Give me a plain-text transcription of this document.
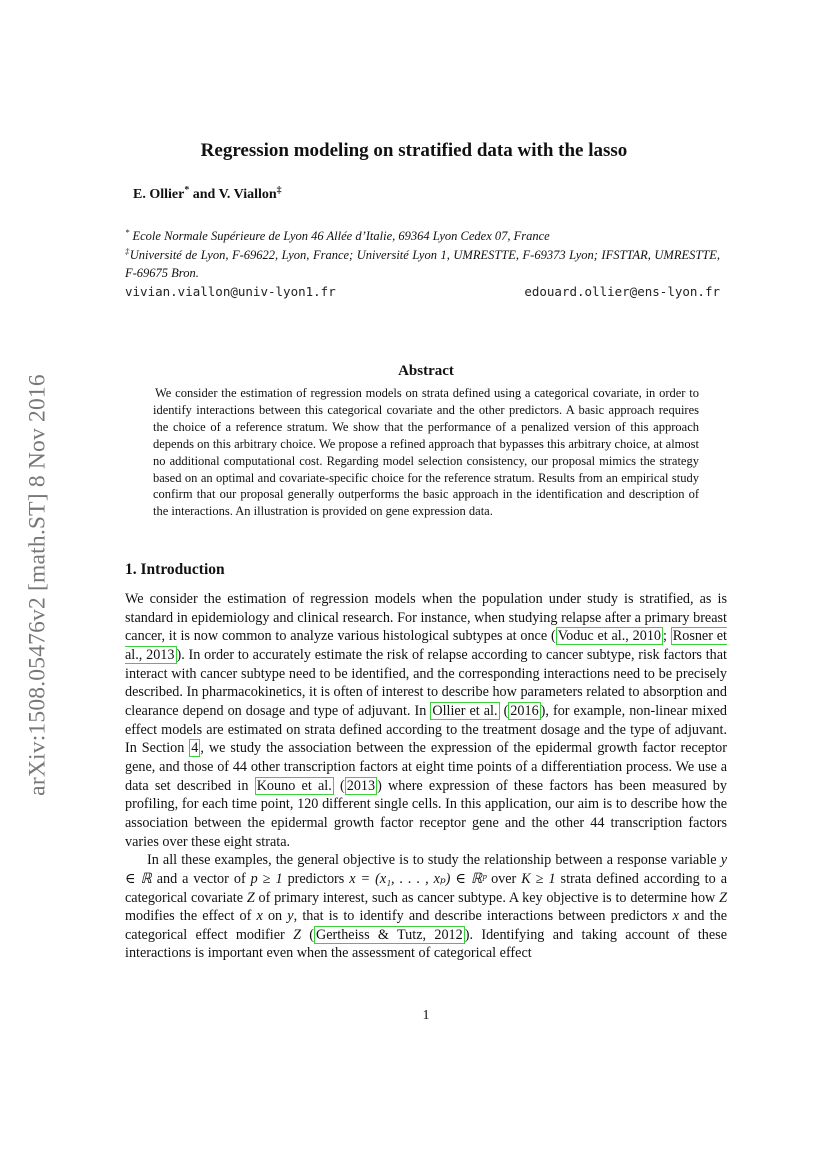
arXiv:1508.05476v2 [math.ST] 8 Nov 2016
Regression modeling on stratified data with the lasso
E. Ollier* and V. Viallon‡
* Ecole Normale Supérieure de Lyon 46 Allée d’Italie, 69364 Lyon Cedex 07, France
‡Université de Lyon, F-69622, Lyon, France; Université Lyon 1, UMRESTTE, F-69373 Lyon; IFSTTAR, UMRESTTE, F-69675 Bron.
vivian.viallon@univ-lyon1.fr	edouard.ollier@ens-lyon.fr
Abstract

We consider the estimation of regression models on strata defined using a categorical covariate, in order to identify interactions between this categorical covariate and the other predictors. A basic approach requires the choice of a reference stratum. We show that the performance of a penalized version of this approach depends on this arbitrary choice. We propose a refined approach that bypasses this arbitrary choice, at almost no additional computational cost. Regarding model selection consistency, our proposal mimics the strategy based on an optimal and covariate-specific choice for the reference stratum. Results from an empirical study confirm that our proposal generally outperforms the basic approach in the identification and description of the interactions. An illustration is provided on gene expression data.

1. Introduction

We consider the estimation of regression models when the population under study is stratified, as is standard in epidemiology and clinical research. For instance, when studying relapse after a primary breast cancer, it is now common to analyze various histological subtypes at once ( Voduc et al., 2010 ; Rosner et al., 2013 ). In order to accurately estimate the risk of relapse according to cancer subtype, risk factors that interact with cancer subtype need to be identified, and the corresponding interactions need to be precisely described. In pharmacokinetics, it is often of interest to describe how parameters related to absorption and clearance depend on dosage and type of adjuvant. In Ollier et al. ( 2016 ), for example, non-linear mixed effect models are estimated on strata defined according to the treatment dosage and the type of adjuvant. In Section 4 , we study the association between the expression of the epidermal growth factor receptor gene, and those of 44 other transcription factors at eight time points of a differentiation process. We use a data set described in Kouno et al. ( 2013 ) where expression of these factors has been measured by profiling, for each time point, 120 different single cells. In this application, our aim is to describe how the association between the epidermal growth factor receptor gene and the other 44 transcription factors varies over these eight strata.

In all these examples, the general objective is to study the relationship between a response variable y ∈ ℝ and a vector of p ≥ 1 predictors x = (x₁, . . . , xₚ) ∈ ℝᵖ over K ≥ 1 strata defined according to a categorical covariate Z of primary interest, such as cancer subtype. A key objective is to determine how Z modifies the effect of x on y, that is to identify and describe interactions between predictors x and the categorical effect modifier Z ( Gertheiss & Tutz, 2012 ). Identifying and taking account of these interactions is important even when the assessment of categorical effect

1
